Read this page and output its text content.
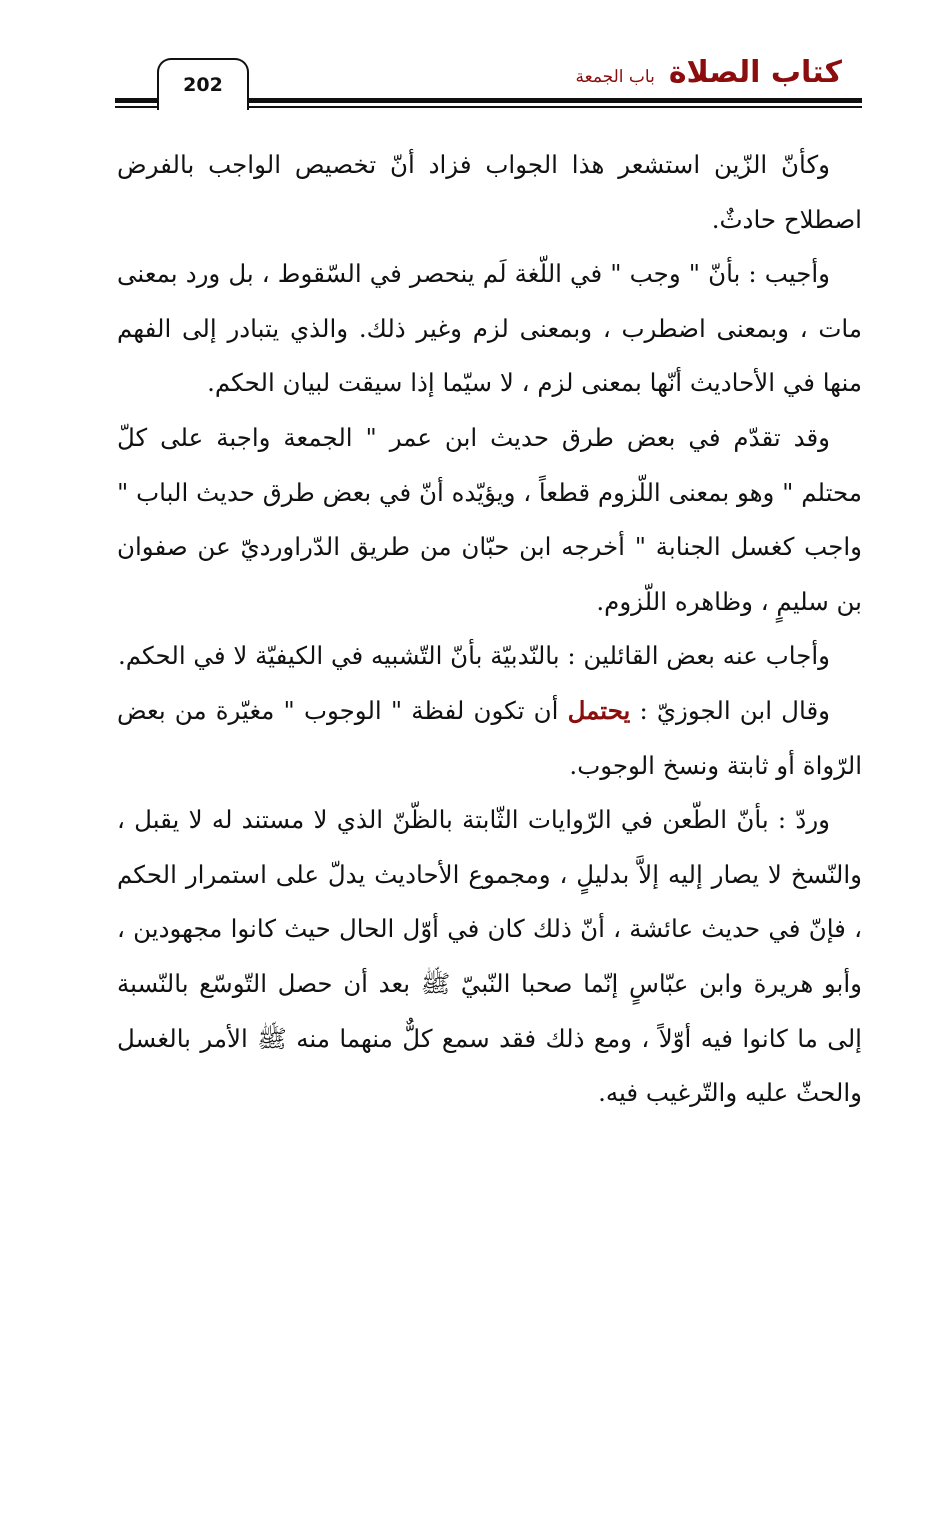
202	كتاب الصلاة
باب الجمعة

وكأنّ الزّين استشعر هذا الجواب فزاد أنّ تخصيص الواجب بالفرض اصطلاح حادثٌ.

وأجيب : بأنّ " وجب " في اللّغة لَم ينحصر في السّقوط ، بل ورد بمعنى مات ، وبمعنى اضطرب ، وبمعنى لزم وغير ذلك. والذي يتبادر إلى الفهم منها في الأحاديث أنّها بمعنى لزم ، لا سيّما إذا سيقت لبيان الحكم.

وقد تقدّم في بعض طرق حديث ابن عمر " الجمعة واجبة على كلّ محتلم " وهو بمعنى اللّزوم قطعاً ، ويؤيّده أنّ في بعض طرق حديث الباب " واجب كغسل الجنابة " أخرجه ابن حبّان من طريق الدّراورديّ عن صفوان بن سليمٍ ، وظاهره اللّزوم.

وأجاب عنه بعض القائلين : بالنّدبيّة بأنّ التّشبيه في الكيفيّة لا في الحكم.

وقال ابن الجوزيّ : يحتمل أن تكون لفظة " الوجوب " مغيّرة من بعض الرّواة أو ثابتة ونسخ الوجوب.

وردّ : بأنّ الطّعن في الرّوايات الثّابتة بالظّنّ الذي لا مستند له لا يقبل ، والنّسخ لا يصار إليه إلاَّ بدليلٍ ، ومجموع الأحاديث يدلّ على استمرار الحكم ، فإنّ في حديث عائشة ، أنّ ذلك كان في أوّل الحال حيث كانوا مجهودين ، وأبو هريرة وابن عبّاسٍ إنّما صحبا النّبيّ ﷺ بعد أن حصل التّوسّع بالنّسبة إلى ما كانوا فيه أوّلاً ، ومع ذلك فقد سمع كلٌّ منهما منه ﷺ الأمر بالغسل والحثّ عليه والتّرغيب فيه.
